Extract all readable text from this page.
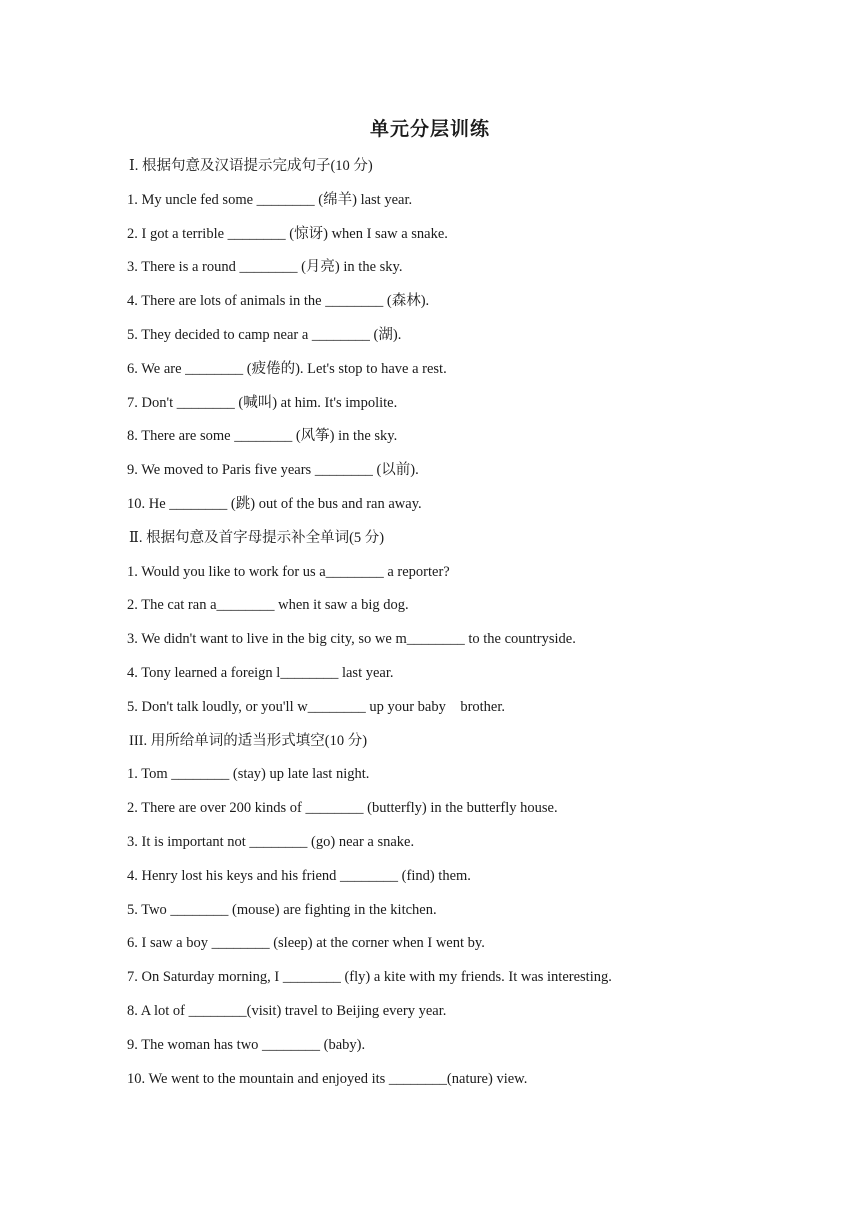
单元分层训练
Ⅰ. 根据句意及汉语提示完成句子(10 分)
1. My uncle fed some ________ (绵羊) last year.
2. I got a terrible ________ (惊讶) when I saw a snake.
3. There is a round ________ (月亮) in the sky.
4. There are lots of animals in the ________ (森林).
5. They decided to camp near a ________ (湖).
6. We are ________ (疲倦的). Let's stop to have a rest.
7. Don't ________ (喊叫) at him. It's impolite.
8. There are some ________ (风筝) in the sky.
9. We moved to Paris five years ________ (以前).
10. He ________ (跳) out of the bus and ran away.
Ⅱ. 根据句意及首字母提示补全单词(5 分)
1. Would you like to work for us a________ a reporter?
2. The cat ran a________ when it saw a big dog.
3. We didn't want to live in the big city, so we m________ to the countryside.
4. Tony learned a foreign l________ last year.
5. Don't talk loudly, or you'll w________ up your baby    brother.
III. 用所给单词的适当形式填空(10 分)
1. Tom ________ (stay) up late last night.
2. There are over 200 kinds of ________ (butterfly) in the butterfly house.
3. It is important not ________ (go) near a snake.
4. Henry lost his keys and his friend ________ (find) them.
5. Two ________ (mouse) are fighting in the kitchen.
6. I saw a boy ________ (sleep) at the corner when I went by.
7. On Saturday morning, I ________ (fly) a kite with my friends. It was interesting.
8. A lot of ________(visit) travel to Beijing every year.
9. The woman has two ________ (baby).
10. We went to the mountain and enjoyed its ________(nature) view.
